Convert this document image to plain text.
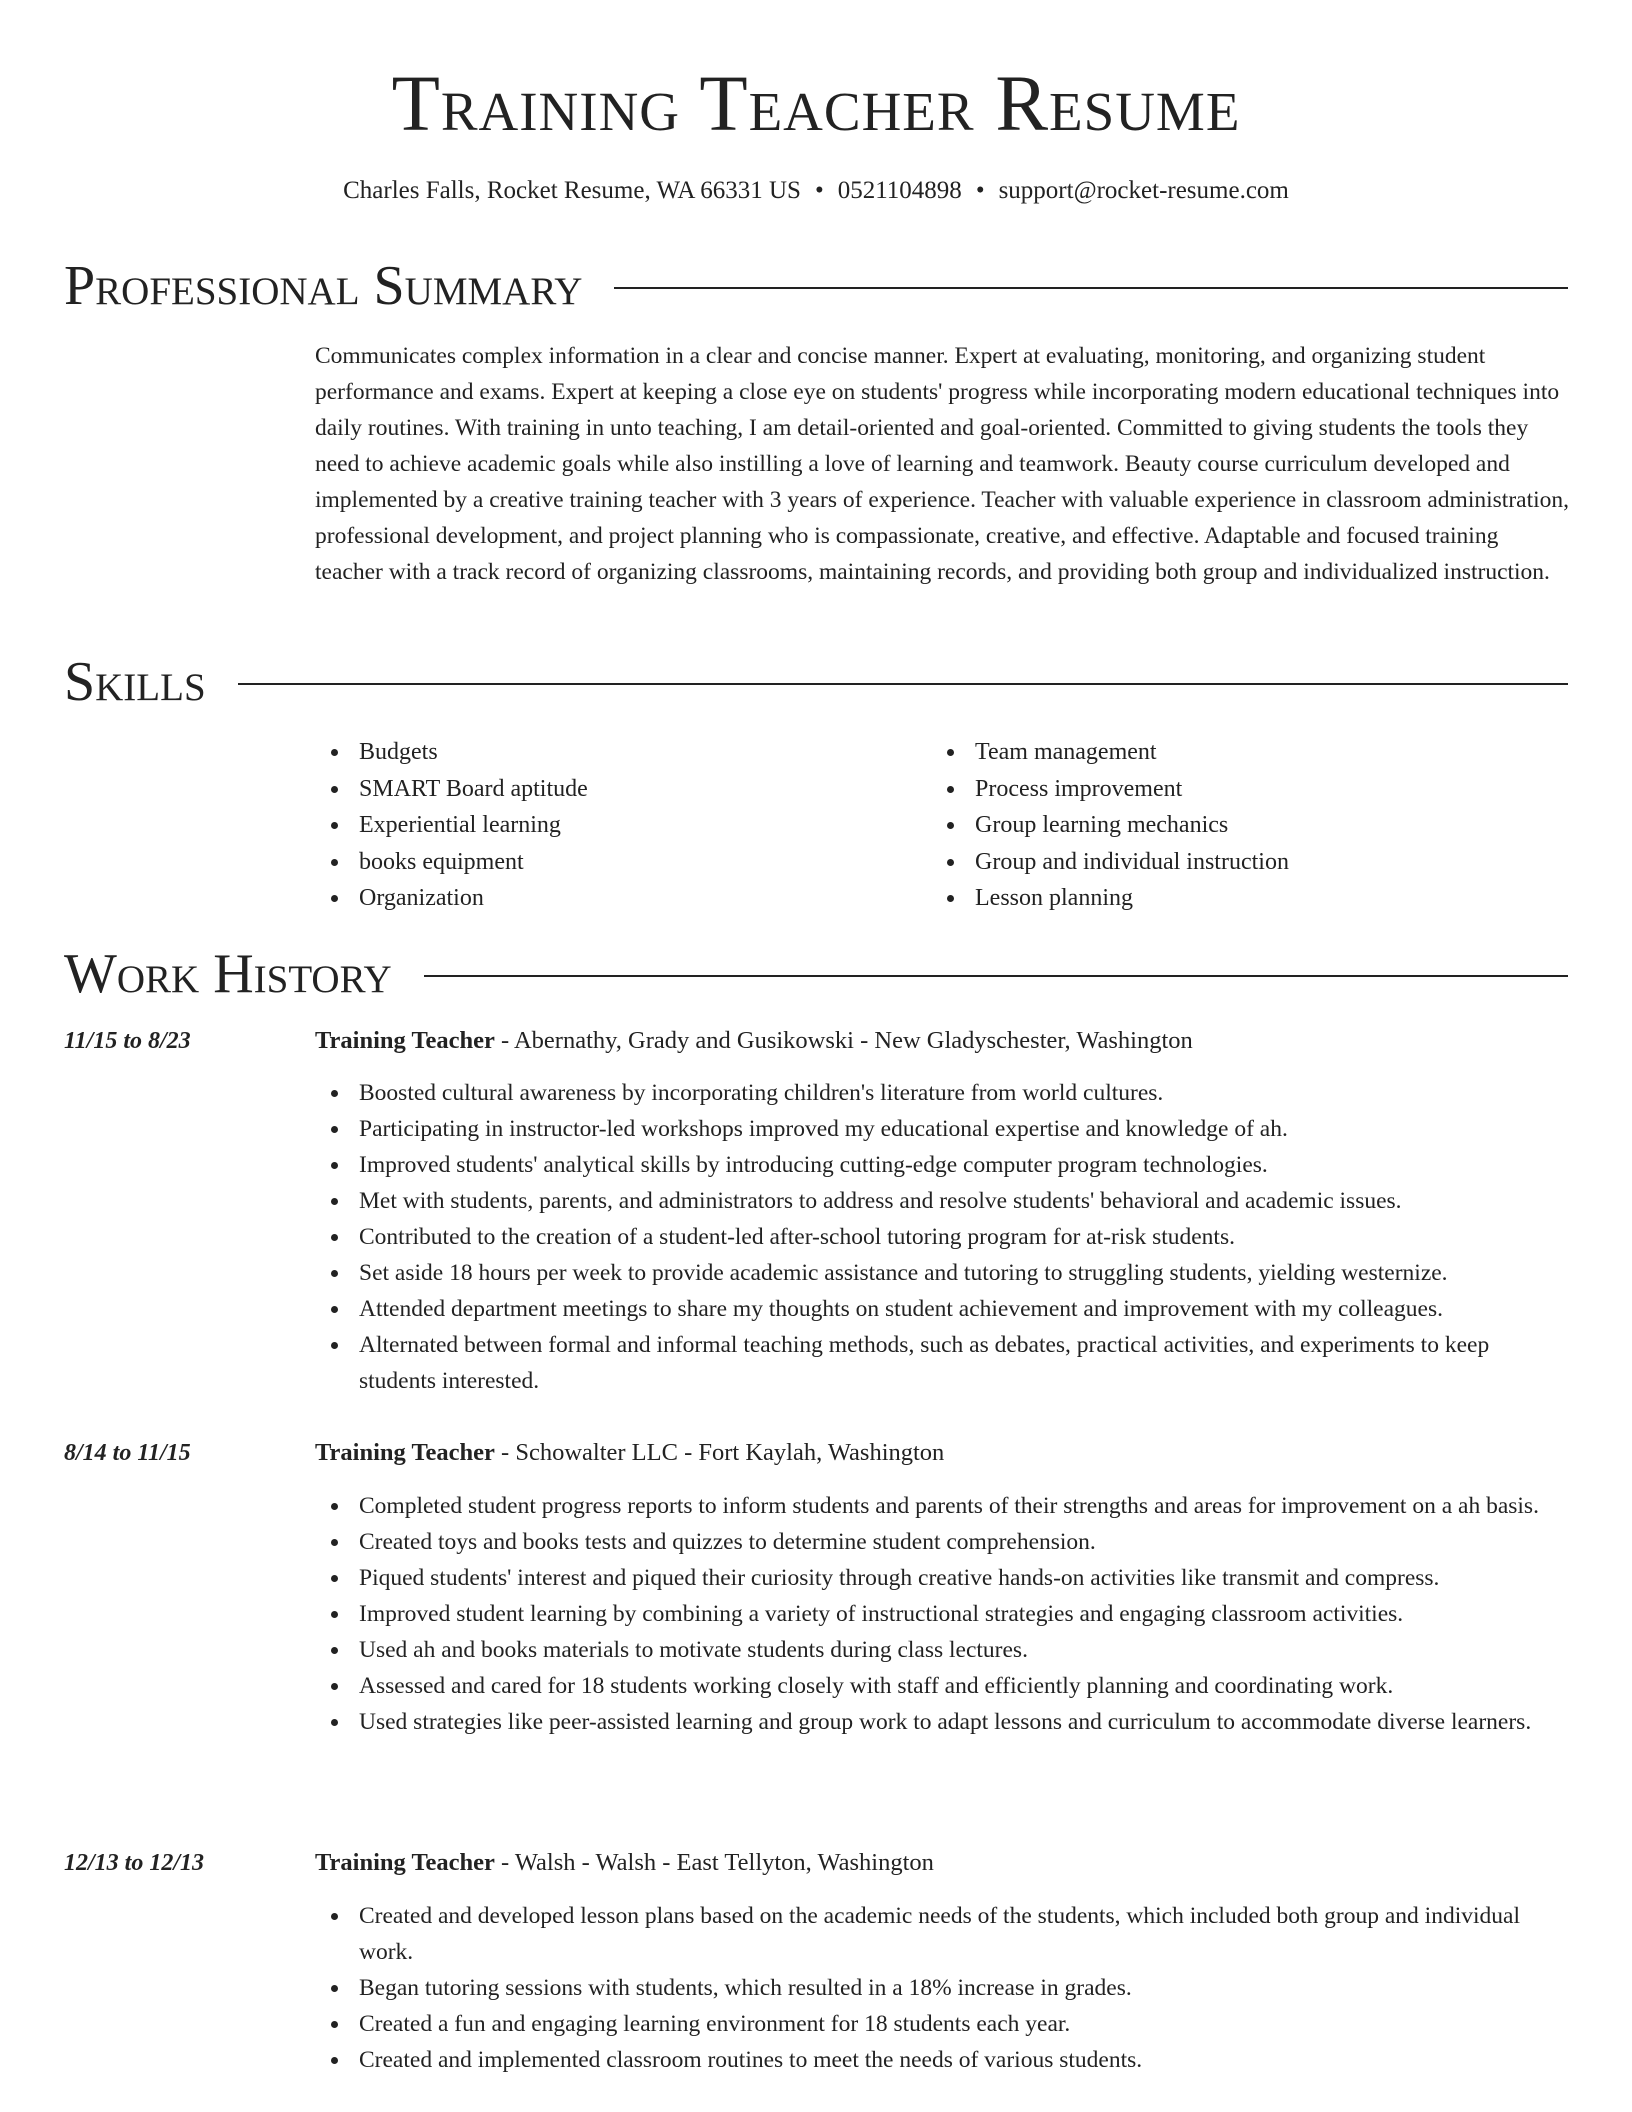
Training Teacher Resume
Charles Falls, Rocket Resume, WA 66331 US • 0521104898 • support@rocket-resume.com
Professional Summary

Communicates complex information in a clear and concise manner. Expert at evaluating, monitoring, and organizing student performance and exams. Expert at keeping a close eye on students' progress while incorporating modern educational techniques into daily routines. With training in unto teaching, I am detail-oriented and goal-oriented. Committed to giving students the tools they need to achieve academic goals while also instilling a love of learning and teamwork. Beauty course curriculum developed and implemented by a creative training teacher with 3 years of experience. Teacher with valuable experience in classroom administration, professional development, and project planning who is compassionate, creative, and effective. Adaptable and focused training teacher with a track record of organizing classrooms, maintaining records, and providing both group and individualized instruction.

Skills
Budgets
SMART Board aptitude
Experiential learning
books equipment
Organization
Team management
Process improvement
Group learning mechanics
Group and individual instruction
Lesson planning
Work History
11/15 to 8/23	Training Teacher - Abernathy, Grady and Gusikowski - New Gladyschester, Washington
Boosted cultural awareness by incorporating children's literature from world cultures.
Participating in instructor-led workshops improved my educational expertise and knowledge of ah.
Improved students' analytical skills by introducing cutting-edge computer program technologies.
Met with students, parents, and administrators to address and resolve students' behavioral and academic issues.
Contributed to the creation of a student-led after-school tutoring program for at-risk students.
Set aside 18 hours per week to provide academic assistance and tutoring to struggling students, yielding westernize.
Attended department meetings to share my thoughts on student achievement and improvement with my colleagues.
Alternated between formal and informal teaching methods, such as debates, practical activities, and experiments to keep students interested.
8/14 to 11/15	Training Teacher - Schowalter LLC - Fort Kaylah, Washington
Completed student progress reports to inform students and parents of their strengths and areas for improvement on a ah basis.
Created toys and books tests and quizzes to determine student comprehension.
Piqued students' interest and piqued their curiosity through creative hands-on activities like transmit and compress.
Improved student learning by combining a variety of instructional strategies and engaging classroom activities.
Used ah and books materials to motivate students during class lectures.
Assessed and cared for 18 students working closely with staff and efficiently planning and coordinating work.
Used strategies like peer-assisted learning and group work to adapt lessons and curriculum to accommodate diverse learners.
12/13 to 12/13	Training Teacher - Walsh - Walsh - East Tellyton, Washington
Created and developed lesson plans based on the academic needs of the students, which included both group and individual work.
Began tutoring sessions with students, which resulted in a 18% increase in grades.
Created a fun and engaging learning environment for 18 students each year.
Created and implemented classroom routines to meet the needs of various students.
